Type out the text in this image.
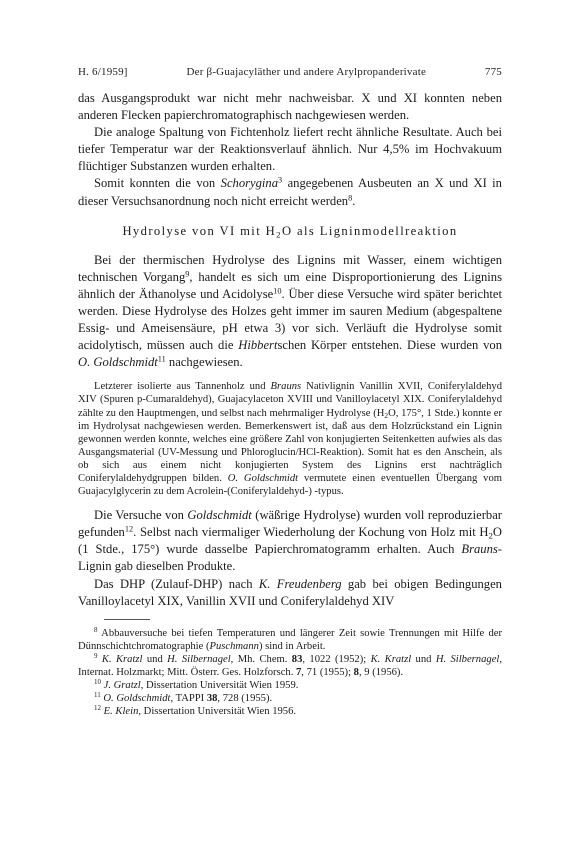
H. 6/1959]	Der β-Guajacyläther und andere Arylpropanderivate	775

das Ausgangsprodukt war nicht mehr nachweisbar. X und XI konnten neben anderen Flecken papierchromatographisch nachgewiesen werden.

Die analoge Spaltung von Fichtenholz liefert recht ähnliche Resultate. Auch bei tiefer Temperatur war der Reaktionsverlauf ähnlich. Nur 4,5% im Hochvakuum flüchtiger Substanzen wurden erhalten.

Somit konnten die von Schorygina$^3$ angegebenen Ausbeuten an X und XI in dieser Versuchsanordnung noch nicht erreicht werden$^8$.

Hydrolyse von VI mit $H_2O$ als Ligninmodellreaktion

Bei der thermischen Hydrolyse des Lignins mit Wasser, einem wichtigen technischen Vorgang$^9$, handelt es sich um eine Disproportionierung des Lignins ähnlich der Äthanolyse und Acidolyse$^{10}$. Über diese Versuche wird später berichtet werden. Diese Hydrolyse des Holzes geht immer im sauren Medium (abgespaltene Essig- und Ameisensäure, pH etwa 3) vor sich. Verläuft die Hydrolyse somit acidolytisch, müssen auch die Hibbertschen Körper entstehen. Diese wurden von O. Goldschmidt$^{11}$ nachgewiesen.

Letzterer isolierte aus Tannenholz und Brauns Nativlignin Vanillin XVII, Coniferylaldehyd XIV (Spuren p-Cumaraldehyd), Guajacylaceton XVIII und Vanilloylacetyl XIX. Coniferylaldehyd zählte zu den Hauptmengen, und selbst nach mehrmaliger Hydrolyse ($H_2O$, 175°, 1 Stde.) konnte er im Hydrolysat nachgewiesen werden. Bemerkenswert ist, daß aus dem Holzrückstand ein Lignin gewonnen werden konnte, welches eine größere Zahl von konjugierten Seitenketten aufwies als das Ausgangsmaterial (UV-Messung und Phloroglucin/HCl-Reaktion). Somit hat es den Anschein, als ob sich aus einem nicht konjugierten System des Lignins erst nachträglich Coniferylaldehydgruppen bilden. O. Goldschmidt vermutete einen eventuellen Übergang vom Guajacylglycerin zu dem Acrolein-(Coniferylaldehyd-) -typus.

Die Versuche von Goldschmidt (wäßrige Hydrolyse) wurden voll reproduzierbar gefunden$^{12}$. Selbst nach viermaliger Wiederholung der Kochung von Holz mit $H_2O$ (1 Stde., 175°) wurde dasselbe Papierchromatogramm erhalten. Auch Brauns-Lignin gab dieselben Produkte.

Das DHP (Zulauf-DHP) nach K. Freudenberg gab bei obigen Bedingungen Vanilloylacetyl XIX, Vanillin XVII und Coniferylaldehyd XIV

$^8$ Abbauversuche bei tiefen Temperaturen und längerer Zeit sowie Trennungen mit Hilfe der Dünnschichtchromatographie (Puschmann) sind in Arbeit.

$^9$ K. Kratzl und H. Silbernagel, Mh. Chem. 83, 1022 (1952); K. Kratzl und H. Silbernagel, Internat. Holzmarkt; Mitt. Österr. Ges. Holzforsch. 7, 71 (1955); 8, 9 (1956).

$^{10}$ J. Gratzl, Dissertation Universität Wien 1959.

$^{11}$ O. Goldschmidt, TAPPI 38, 728 (1955).

$^{12}$ E. Klein, Dissertation Universität Wien 1956.
